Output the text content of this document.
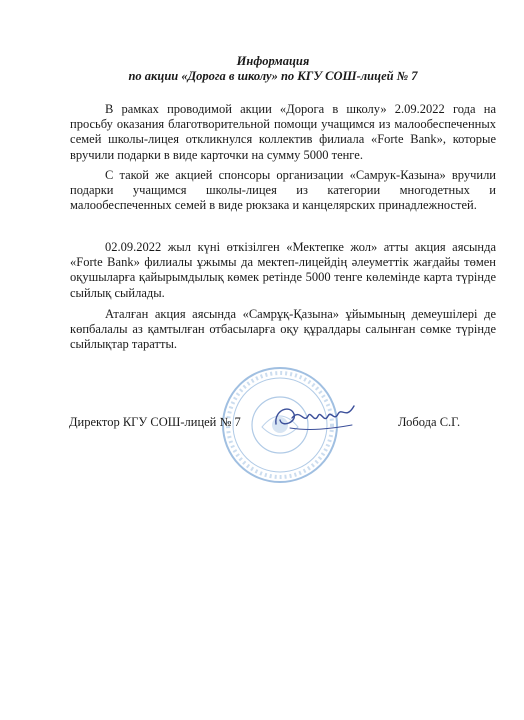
Информация
по акции «Дорога в школу» по КГУ СОШ-лицей № 7

В рамках проводимой акции «Дорога в школу» 2.09.2022 года на просьбу оказания благотворительной помощи учащимся из малообеспеченных семей школы-лицея откликнулся коллектив филиала «Forte Bank», которые вручили подарки в виде карточки на сумму 5000 тенге.

С такой же акцией спонсоры организации «Самрук-Казына» вручили подарки учащимся школы-лицея из категории многодетных и малообеспеченных семей в виде рюкзака и канцелярских принадлежностей.

02.09.2022 жыл күні өткізілген «Мектепке жол» атты акция аясында «Forte Bank» филиалы ұжымы да мектеп-лицейдің әлеуметтік жағдайы төмен оқушыларға қайырымдылық көмек ретінде 5000 тенге көлемінде карта түрінде сыйлық сыйлады.

Аталған акция аясында «Самрұқ-Қазына» ұйымының демеушілері де көпбалалы аз қамтылған отбасыларға оқу құралдары салынған сөмке түрінде сыйлықтар таратты.

Директор КГУ СОШ-лицей № 7	Лобода С.Г.
